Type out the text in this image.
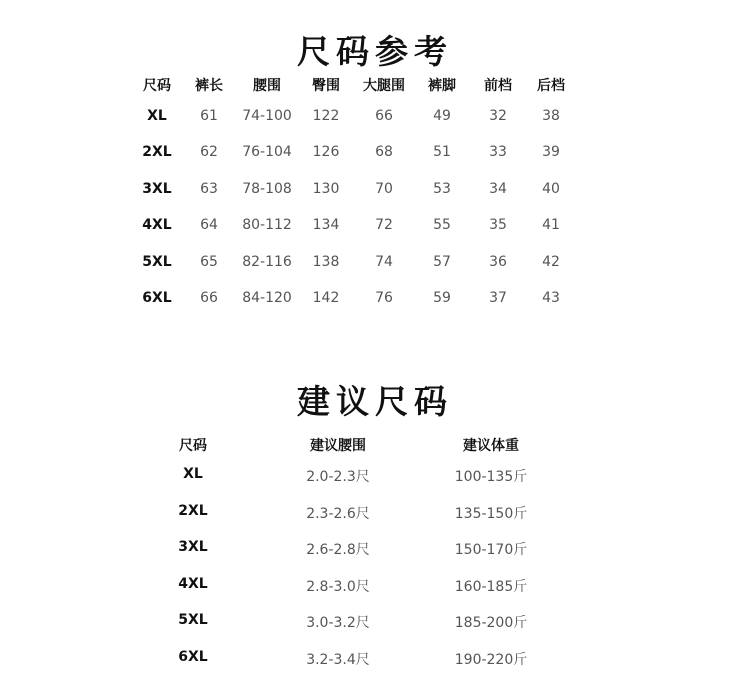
尺码参考
尺码 裤长 腰围 臀围 大腿围 裤脚 前档 后档
XL 61 74-100 122	66	49	32	38
2XL 62 76-104 126	68	51	33	39
3XL 63 78-108 130	70	53	34	40
4XL 64 80-112 134	72	55	35	41
5XL 65 82-116 138	74	57	36	42
6XL 66 84-120 142	76	59	37	43
建议尺码
尺码	建议腰围	建议体重
XL	2.0-2.3尺	100-135斤
2XL	2.3-2.6尺	135-150斤
3XL	2.6-2.8尺	150-170斤
4XL	2.8-3.0尺	160-185斤
5XL	3.0-3.2尺	185-200斤
6XL	3.2-3.4尺	190-220斤
